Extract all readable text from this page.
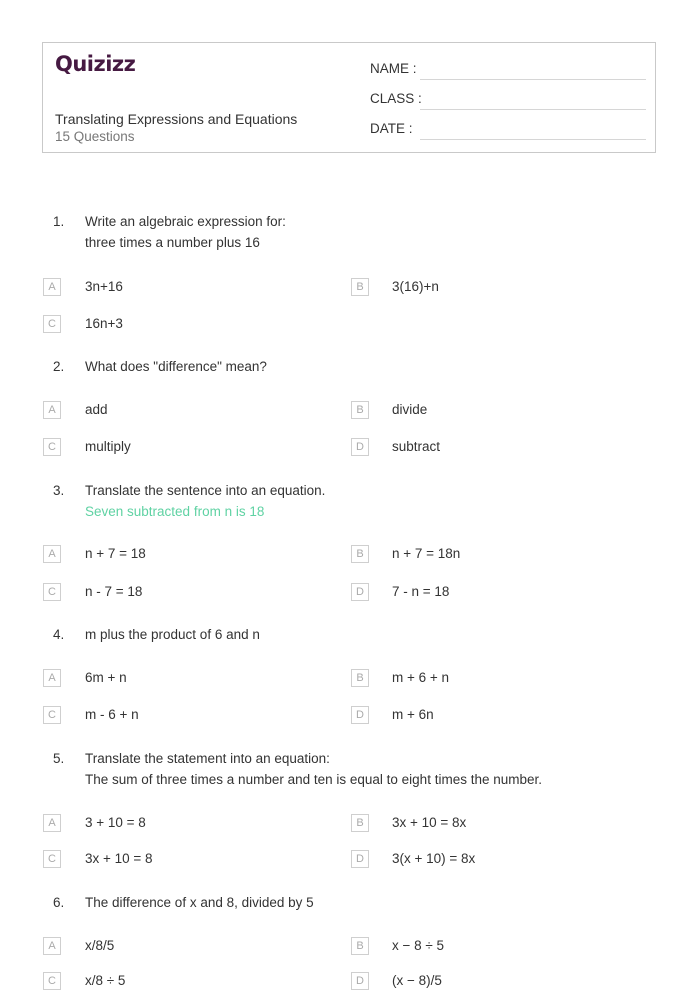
Quizizz
Translating Expressions and Equations
15 Questions
NAME :
CLASS :
DATE :
1. Write an algebraic expression for:
three times a number plus 16
A	3n+16	B	3(16)+n
C	16n+3
2. What does "difference" mean?
A	add	B	divide
C	multiply	D	subtract
3. Translate the sentence into an equation.
Seven subtracted from n is 18
A	n + 7 = 18	B	n + 7 = 18n
C	n - 7 = 18	D	7 - n = 18
4. m plus the product of 6 and n
A	6m + n	B	m + 6 + n
C	m - 6 + n	D	m + 6n
5. Translate the statement into an equation:
The sum of three times a number and ten is equal to eight times the number.
A	3 + 10 = 8	B	3x + 10 = 8x
C	3x + 10 = 8	D	3(x + 10) = 8x
6. The difference of x and 8, divided by 5
A	x/8/5	B	x − 8 ÷ 5
C	x/8 ÷ 5	D	(x − 8)/5
